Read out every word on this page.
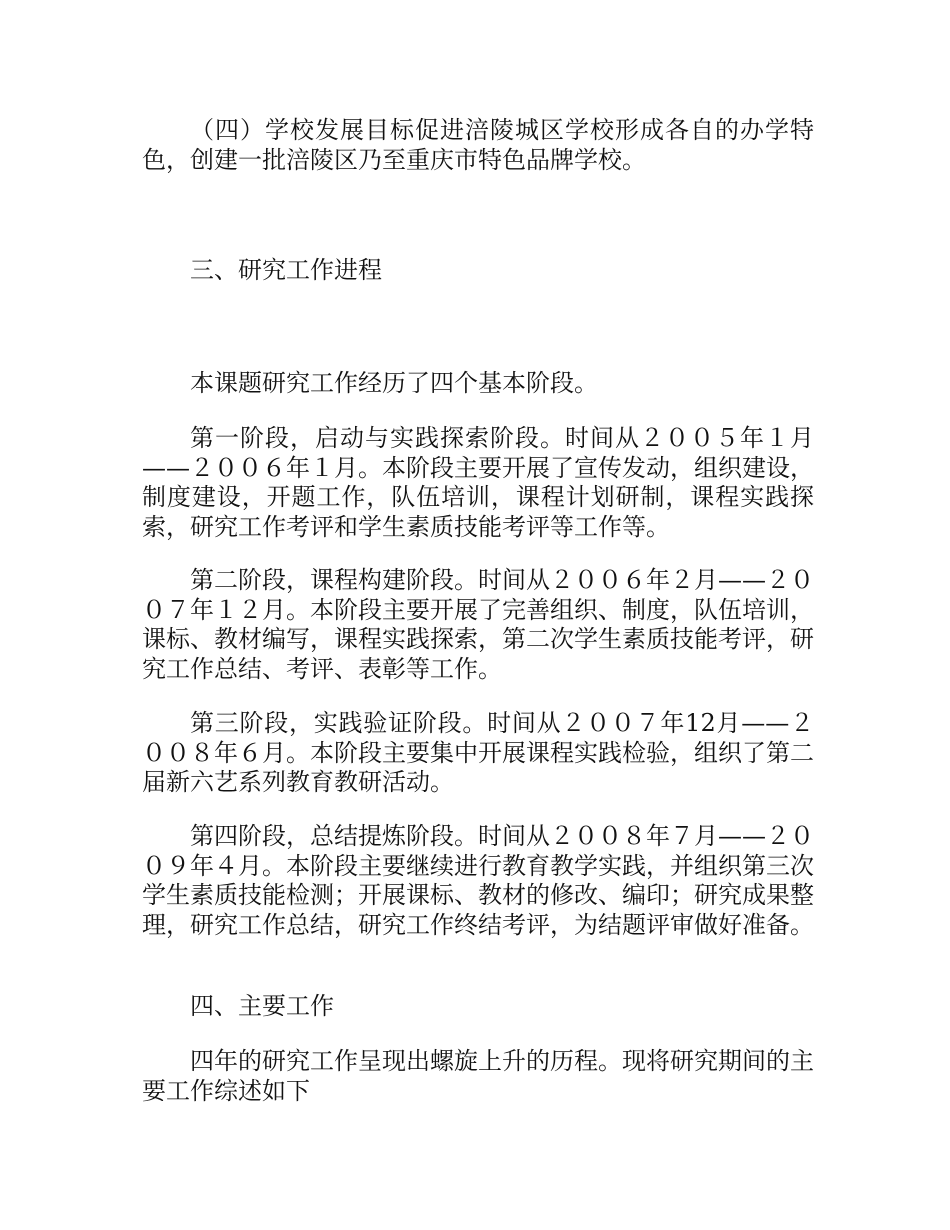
（四）学校发展目标促进涪陵城区学校形成各自的办学特色，创建一批涪陵区乃至重庆市特色品牌学校。

三、研究工作进程

本课题研究工作经历了四个基本阶段。

第一阶段，启动与实践探索阶段。时间从２００５年１月——２００６年１月。本阶段主要开展了宣传发动，组织建设，制度建设，开题工作，队伍培训，课程计划研制，课程实践探索，研究工作考评和学生素质技能考评等工作等。

第二阶段，课程构建阶段。时间从２００６年２月——２００７年１２月。本阶段主要开展了完善组织、制度，队伍培训，课标、教材编写，课程实践探索，第二次学生素质技能考评，研究工作总结、考评、表彰等工作。

第三阶段，实践验证阶段。时间从２００７年12月——２００８年６月。本阶段主要集中开展课程实践检验，组织了第二届新六艺系列教育教研活动。

第四阶段，总结提炼阶段。时间从２００８年７月——２００９年４月。本阶段主要继续进行教育教学实践，并组织第三次学生素质技能检测；开展课标、教材的修改、编印；研究成果整理，研究工作总结，研究工作终结考评，为结题评审做好准备。

四、主要工作

四年的研究工作呈现出螺旋上升的历程。现将研究期间的主要工作综述如下
